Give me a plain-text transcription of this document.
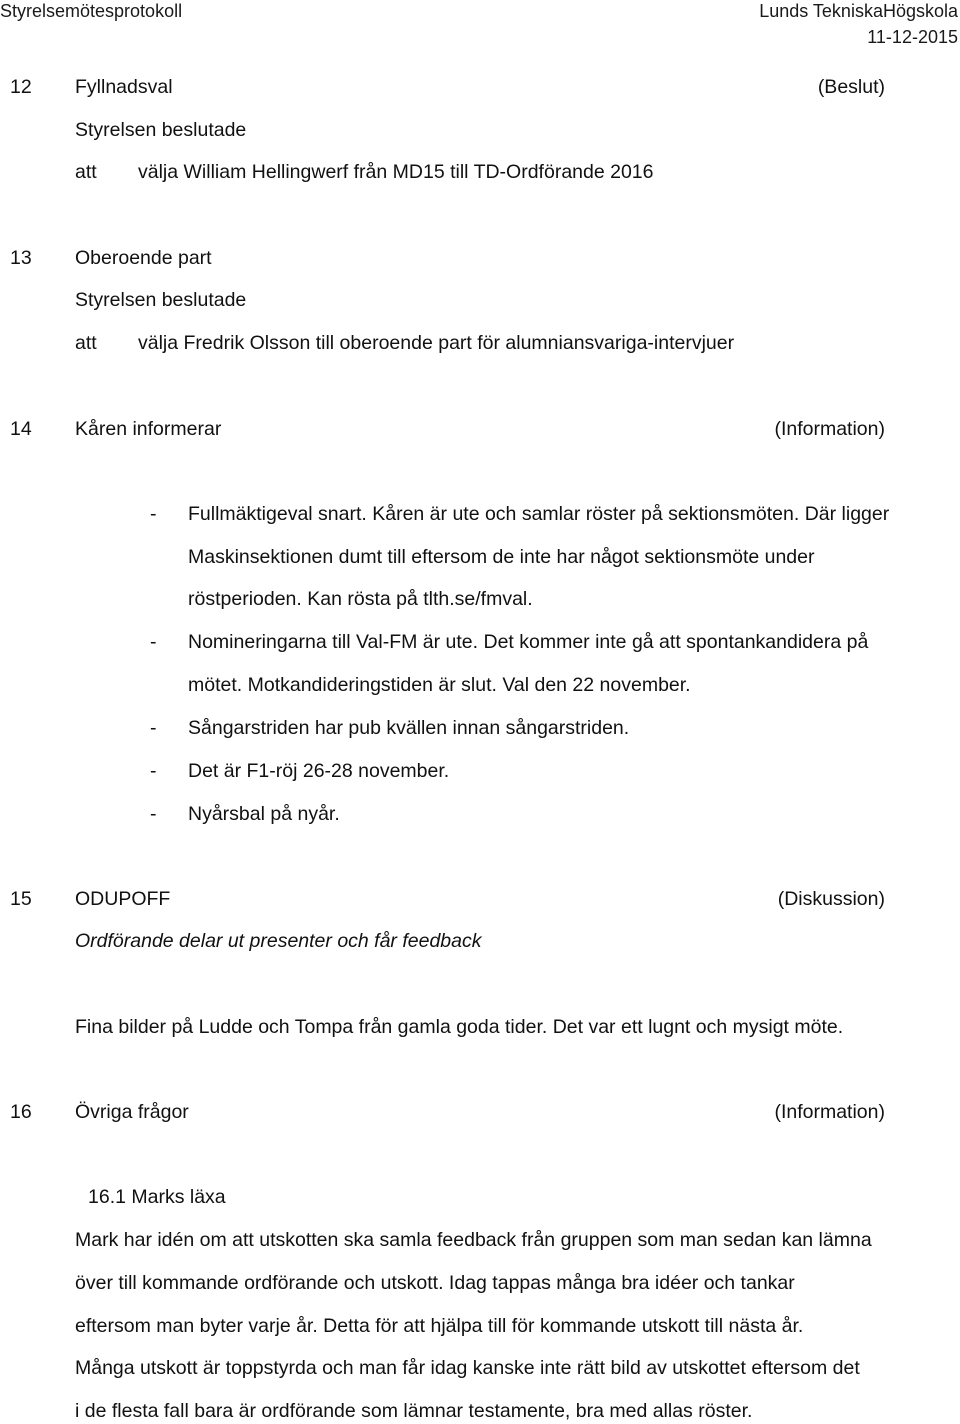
Styrelsemötesprotokoll	Lunds TekniskaHögskola
11-12-2015
12 Fyllnadsval	(Beslut)
Styrelsen beslutade
att välja William Hellingwerf från MD15 till TD-Ordförande 2016
13 Oberoende part
Styrelsen beslutade
att välja Fredrik Olsson till oberoende part för alumniansvariga-intervjuer
14 Kåren informerar	(Information)
- Fullmäktigeval snart. Kåren är ute och samlar röster på sektionsmöten. Där ligger
Maskinsektionen dumt till eftersom de inte har något sektionsmöte under
röstperioden. Kan rösta på tlth.se/fmval.
- Nomineringarna till Val-FM är ute. Det kommer inte gå att spontankandidera på
mötet. Motkandideringstiden är slut. Val den 22 november.
- Sångarstriden har pub kvällen innan sångarstriden.
- Det är F1-röj 26-28 november.
- Nyårsbal på nyår.
15 ODUPOFF	(Diskussion)
Ordförande delar ut presenter och får feedback
Fina bilder på Ludde och Tompa från gamla goda tider. Det var ett lugnt och mysigt möte.
16 Övriga frågor	(Information)
16.1 Marks läxa
Mark har idén om att utskotten ska samla feedback från gruppen som man sedan kan lämna
över till kommande ordförande och utskott. Idag tappas många bra idéer och tankar
eftersom man byter varje år. Detta för att hjälpa till för kommande utskott till nästa år.
Många utskott är toppstyrda och man får idag kanske inte rätt bild av utskottet eftersom det
i de flesta fall bara är ordförande som lämnar testamente, bra med allas röster.
